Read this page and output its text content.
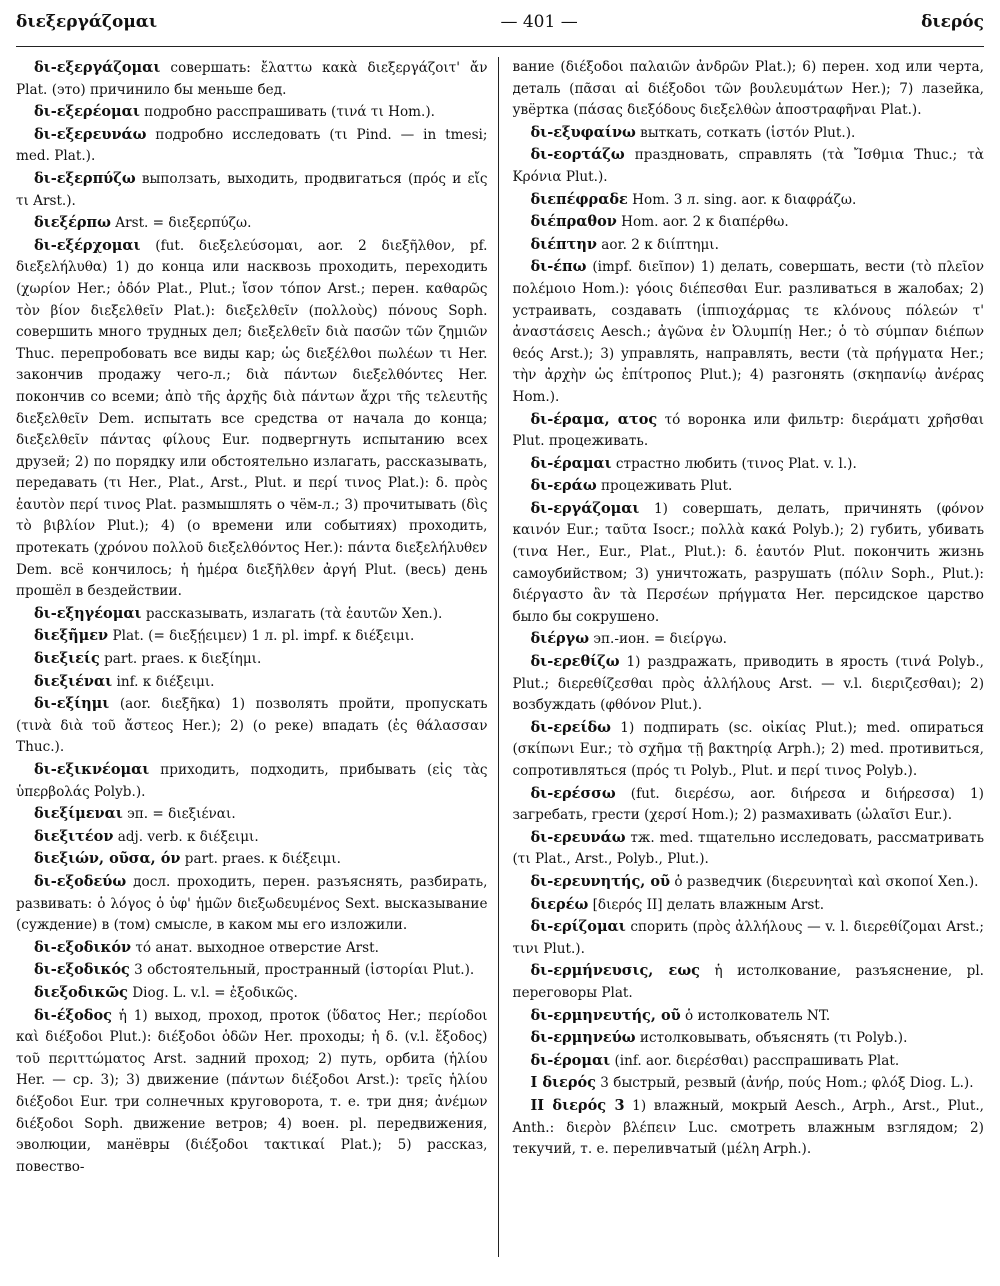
διεξεργάζομαι	— 401 —	διερός

δι-εξεργάζομαι совершать: ἔλαττω κακὰ διεξεργάζοιτ' ἄν Plat. (это) причинило бы меньше бед.

δι-εξερέομαι подробно расспрашивать (τινά τι Hom.).

δι-εξερευνάω подробно исследовать (τι Pind. — in tmesi; med. Plat.).

δι-εξερπύζω выползать, выходить, продвигаться (πρός и εἴς τι Arst.).

διεξέρπω Arst. = διεξερπύζω.

δι-εξέρχομαι (fut. διεξελεύσομαι, aor. 2 διεξῆλθον, pf. διεξελήλυθα) 1) до конца или насквозь проходить, переходить (χωρίον Her.; ὁδόν Plat., Plut.; ἴσον τόπον Arst.; перен. καθαρῶς τὸν βίον διεξελθεῖν Plat.): διεξελθεῖν (πολλοὺς) πόνους Soph. совершить много трудных дел; διεξελθεῖν διὰ πασῶν τῶν ζημιῶν Thuc. перепробовать все виды кар; ὡς διεξέλθοι πωλέων τι Her. закончив продажу чего-л.; διὰ πάντων διεξελθόντες Her. покончив со всеми; ἀπὸ τῆς ἀρχῆς διὰ πάντων ἄχρι τῆς τελευτῆς διεξελθεῖν Dem. испытать все средства от начала до конца; διεξελθεῖν πάντας φίλους Eur. подвергнуть испытанию всех друзей; 2) по порядку или обстоятельно излагать, рассказывать, передавать (τι Her., Plat., Arst., Plut. и περί τινος Plat.): δ. πρὸς ἑαυτὸν περί τινος Plat. размышлять о чём-л.; 3) прочитывать (δὶς τὸ βιβλίον Plut.); 4) (о времени или событиях) проходить, протекать (χρόνου πολλοῦ διεξελθόντος Her.): πάντα διεξελήλυθεν Dem. всё кончилось; ἡ ἡμέρα διεξῆλθεν ἀργή Plut. (весь) день прошёл в бездействии.

δι-εξηγέομαι рассказывать, излагать (τὰ ἑαυτῶν Xen.).

διεξῆμεν Plat. (= διεξῄειμεν) 1 л. pl. impf. к διέξειμι.

διεξιείς part. praes. к διεξίημι.

διεξιέναι inf. к διέξειμι.

δι-εξίημι (aor. διεξῆκα) 1) позволять пройти, пропускать (τινὰ διὰ τοῦ ἄστεος Her.); 2) (о реке) впадать (ἐς θάλασσαν Thuc.).

δι-εξικνέομαι приходить, подходить, прибывать (εἰς τὰς ὑπερβολάς Polyb.).

διεξίμεναι эп. = διεξιέναι.

διεξιτέον adj. verb. к διέξειμι.

διεξιών, οῦσα, όν part. praes. к διέξειμι.

δι-εξοδεύω досл. проходить, перен. разъяснять, разбирать, развивать: ὁ λόγος ὁ ὑφ' ἡμῶν διεξωδευμένος Sext. высказывание (суждение) в (том) смысле, в каком мы его изложили.

δι-εξοδικόν τό анат. выходное отверстие Arst.

δι-εξοδικός 3 обстоятельный, пространный (ἱστορίαι Plut.).

διεξοδικῶς Diog. L. v.l. = ἐξοδικῶς.

δι-έξοδος ἡ 1) выход, проход, проток (ὕδατος Her.; περίοδοι καὶ διέξοδοι Plut.): διέξοδοι ὁδῶν Her. проходы; ἡ δ. (v.l. ἔξοδος) τοῦ περιττώματος Arst. задний проход; 2) путь, орбита (ἡλίου Her. — ср. 3); 3) движение (πάντων διέξοδοι Arst.): τρεῖς ἡλίου διέξοδοι Eur. три солнечных круговорота, т. е. три дня; ἀνέμων διέξοδοι Soph. движение ветров; 4) воен. pl. передвижения, эволюции, манёвры (διέξοδοι τακτικαί Plat.); 5) рассказ, повество-

вание (διέξοδοι παλαιῶν ἀνδρῶν Plat.); 6) перен. ход или черта, деталь (πᾶσαι αἱ διέξοδοι τῶν βουλευμάτων Her.); 7) лазейка, увёртка (πάσας διεξόδους διεξελθὼν ἀποστραφῆναι Plat.).

δι-εξυφαίνω выткать, соткать (ἱστόν Plut.).

δι-εορτάζω праздновать, справлять (τὰ Ἴσθμια Thuc.; τὰ Κρόνια Plut.).

διεπέφραδε Hom. 3 л. sing. aor. к διαφράζω.

διέπραθον Hom. aor. 2 к διαπέρθω.

διέπτην aor. 2 к διίπτημι.

δι-έπω (impf. διεῖπον) 1) делать, совершать, вести (τὸ πλεῖον πολέμοιο Hom.): γόοις διέπεσθαι Eur. разливаться в жалобах; 2) устраивать, создавать (ἱππιοχάρμας τε κλόνους πόλεών τ' ἀναστάσεις Aesch.; ἀγῶνα ἐν Ὀλυμπίῃ Her.; ὁ τὸ σύμπαν διέπων θεός Arst.); 3) управлять, направлять, вести (τὰ πρήγματα Her.; τὴν ἀρχὴν ὡς ἐπίτροπος Plut.); 4) разгонять (σκηπανίῳ ἀνέρας Hom.).

δι-έραμα, ατος τό воронка или фильтр: διεράματι χρῆσθαι Plut. процеживать.

δι-έραμαι страстно любить (τινος Plat. v. l.).

δι-εράω процеживать Plut.

δι-εργάζομαι 1) совершать, делать, причинять (φόνον καινόν Eur.; ταῦτα Isocr.; πολλὰ κακά Polyb.); 2) губить, убивать (τινα Her., Eur., Plat., Plut.): δ. ἑαυτόν Plut. покончить жизнь самоубийством; 3) уничтожать, разрушать (πόλιν Soph., Plut.): διέργαστο ἂν τὰ Περσέων πρήγματα Her. персидское царство было бы сокрушено.

διέργω эп.-ион. = διείργω.

δι-ερεθίζω 1) раздражать, приводить в ярость (τινά Polyb., Plut.; διερεθίζεσθαι πρὸς ἀλλήλους Arst. — v.l. διεριζεσθαι); 2) возбуждать (φθόνον Plut.).

δι-ερείδω 1) подпирать (sc. οἰκίας Plut.); med. опираться (σκίπωνι Eur.; τὸ σχῆμα τῇ βακτηρίᾳ Arph.); 2) med. противиться, сопротивляться (πρός τι Polyb., Plut. и περί τινος Polyb.).

δι-ερέσσω (fut. διερέσω, aor. διήρεσα и διήρεσσα) 1) загребать, грести (χερσί Hom.); 2) размахивать (ὠλαῖσι Eur.).

δι-ερευνάω тж. med. тщательно исследовать, рассматривать (τι Plat., Arst., Polyb., Plut.).

δι-ερευνητής, οῦ ὁ разведчик (διερευνηταὶ καὶ σκοποί Xen.).

διερέω [διερός II] делать влажным Arst.

δι-ερίζομαι спорить (πρὸς ἀλλήλους — v. l. διερεθίζομαι Arst.; τινι Plut.).

δι-ερμήνευσις, εως ἡ истолкование, разъяснение, pl. переговоры Plat.

δι-ερμηνευτής, οῦ ὁ истолкователь NT.

δι-ερμηνεύω истолковывать, объяснять (τι Polyb.).

δι-έρομαι (inf. aor. διερέσθαι) расспрашивать Plat.

I διερός 3 быстрый, резвый (ἀνήρ, πούς Hom.; φλόξ Diog. L.).

II διερός 3 1) влажный, мокрый Aesch., Arph., Arst., Plut., Anth.: διερὸν βλέπειν Luc. смотреть влажным взглядом; 2) текучий, т. е. переливчатый (μέλη Arph.).
